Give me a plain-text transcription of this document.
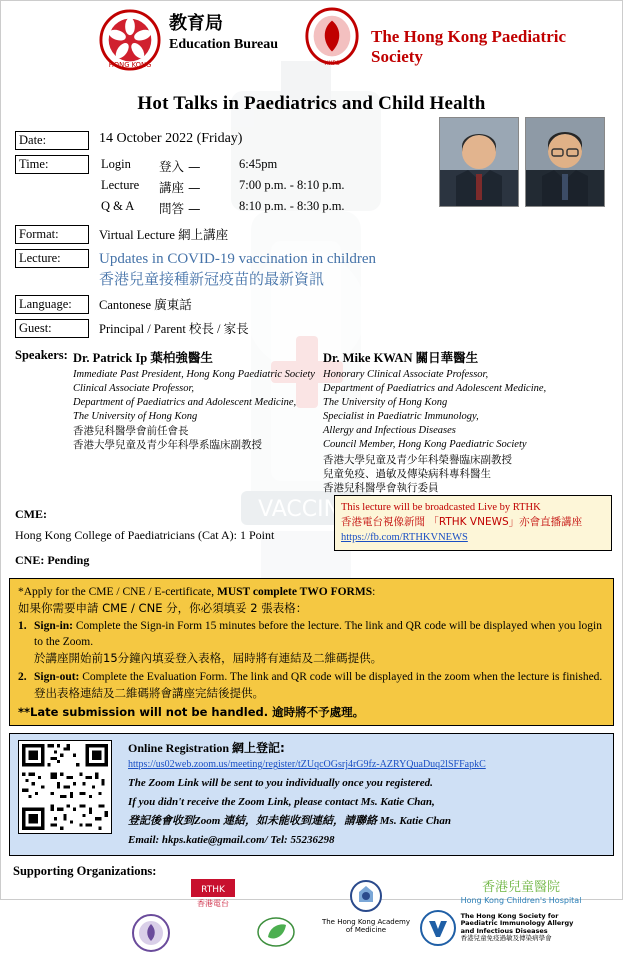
VACCINE
HONG KONG
教育局
Education Bureau
HKPS
The Hong Kong Paediatric Society
Hot Talks in Paediatrics and Child Health
Date:	14 October 2022 (Friday)
Time:	Login	登入 —	6:45pm
Lecture	講座 —	7:00 p.m. - 8:10 p.m.
Q & A	問答 —	8:10 p.m. - 8:30 p.m.
Format:	Virtual Lecture 網上講座
Lecture:	Updates in COVID-19 vaccination in children
香港兒童接種新冠疫苗的最新資訊
Language:	Cantonese 廣東話
Guest:	Principal / Parent 校長 / 家長
Speakers: Dr. Patrick Ip 葉柏強醫生
Immediate Past President, Hong Kong Paediatric Society
Clinical Associate Professor,
Department of Paediatrics and Adolescent Medicine,
The University of Hong Kong
香港兒科醫學會前任會長
香港大學兒童及青少年科學系臨床副教授
Dr. Mike KWAN 關日華醫生
Honorary Clinical Associate Professor,
Department of Paediatrics and Adolescent Medicine,
The University of Hong Kong
Specialist in Paediatric Immunology,
Allergy and Infectious Diseases
Council Member, Hong Kong Paediatric Society
香港大學兒童及青少年科榮譽臨床副教授
兒童免疫、過敏及傳染病科專科醫生
香港兒科醫學會執行委員
CME:
Hong Kong College of Paediatricians (Cat A): 1 Point
CNE: Pending
This lecture will be broadcasted Live by RTHK
香港電台視像新聞 「RTHK VNEWS」亦會直播講座
https://fb.com/RTHKVNEWS
*Apply for the CME / CNE / E-certificate, MUST complete TWO FORMS:
如果你需要申請 CME / CNE 分，你必須填妥 2 張表格：
1. Sign-in: Complete the Sign-in Form 15 minutes before the lecture. The link and QR code will be displayed when you login to the Zoom.
於講座開始前15分鐘內填妥登入表格，屆時將有連結及二維碼提供。
2. Sign-out: Complete the Evaluation Form. The link and QR code will be displayed in the zoom when the lecture is finished.
登出表格連結及二維碼將會講座完結後提供。
**Late submission will not be handled. 逾時將不予處理。
Online Registration 網上登記:
https://us02web.zoom.us/meeting/register/tZUqcOGsrj4rG9fz-AZRYQuaDuq2lSFFapkC
The Zoom Link will be sent to you individually once you registered.
If you didn't receive the Zoom Link, please contact Ms. Katie Chan,
登記後會收到Zoom 連結，如未能收到連結，請聯絡 Ms. Katie Chan
Email: hkps.katie@gmail.com/ Tel: 55236298
Supporting Organizations:
RTHK
香港電台
The Hong Kong Academy of Medicine
香港兒童醫院
Hong Kong Children's Hospital
The Hong Kong Society for
Paediatric Immunology Allergy
and Infectious Diseases
香港兒童免疫過敏及傳染病學會
